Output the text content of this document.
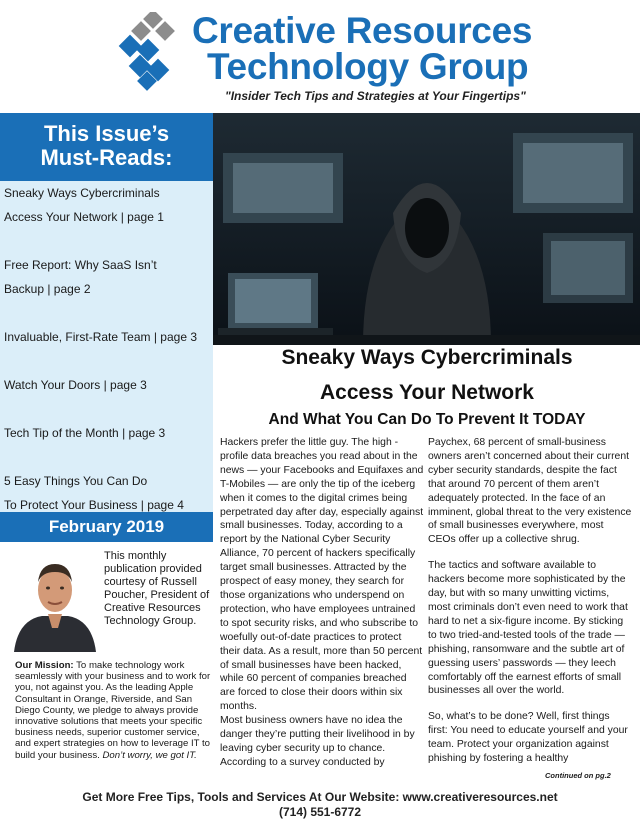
Creative Resources
Technology Group
"Insider Tech Tips and Strategies at Your Fingertips"
This Issue’s
Must-Reads:
Sneaky Ways Cybercriminals
Access Your Network | page 1

Free Report: Why SaaS Isn’t
Backup | page 2

Invaluable, First-Rate Team | page 3

Watch Your Doors | page 3

Tech Tip of the Month | page 3

5 Easy Things You Can Do
To Protect Your Business | page 4
February 2019
This monthly publication provided courtesy of Russell Poucher, President of Creative Resources Technology Group.
Our Mission: To make technology work seamlessly with your business and to work for you, not against you. As the leading Apple Consultant in Orange, Riverside, and San Diego County, we pledge to always provide innovative solutions that meets your specific business needs, superior customer service, and expert strategies on how to leverage IT to build your business. Don’t worry, we got IT.
Sneaky Ways Cybercriminals
Access Your Network
And What You Can Do To Prevent It TODAY

Hackers prefer the little guy. The high - profile data breaches you read about in the news — your Facebooks and Equifaxes and T-Mobiles — are only the tip of the iceberg when it comes to the digital crimes being perpetrated day after day, especially against small businesses. Today, according to a report by the National Cyber Security Alliance, 70 percent of hackers specifically target small businesses. Attracted by the prospect of easy money, they search for those organizations who underspend on protection, who have employees untrained to spot security risks, and who subscribe to woefully out-of-date practices to protect their data. As a result, more than 50 percent of small businesses have been hacked, while 60 percent of companies breached are forced to close their doors within six months.

Most business owners have no idea the danger they’re putting their livelihood in by leaving cyber security up to chance. According to a survey conducted by

Paychex, 68 percent of small-business owners aren’t concerned about their current cyber security standards, despite the fact that around 70 percent of them aren’t adequately protected. In the face of an imminent, global threat to the very existence of small businesses everywhere, most CEOs offer up a collective shrug.

The tactics and software available to hackers become more sophisticated by the day, but with so many unwitting victims, most criminals don’t even need to work that hard to net a six-figure income. By sticking to two tried-and-tested tools of the trade — phishing, ransomware and the subtle art of guessing users’ passwords — they leech comfortably off the earnest efforts of small businesses all over the world.

So, what’s to be done? Well, first things first: You need to educate yourself and your team. Protect your organization against phishing by fostering a healthy

Continued on pg.2
Get More Free Tips, Tools and Services At Our Website: www.creativeresources.net
(714) 551-6772
